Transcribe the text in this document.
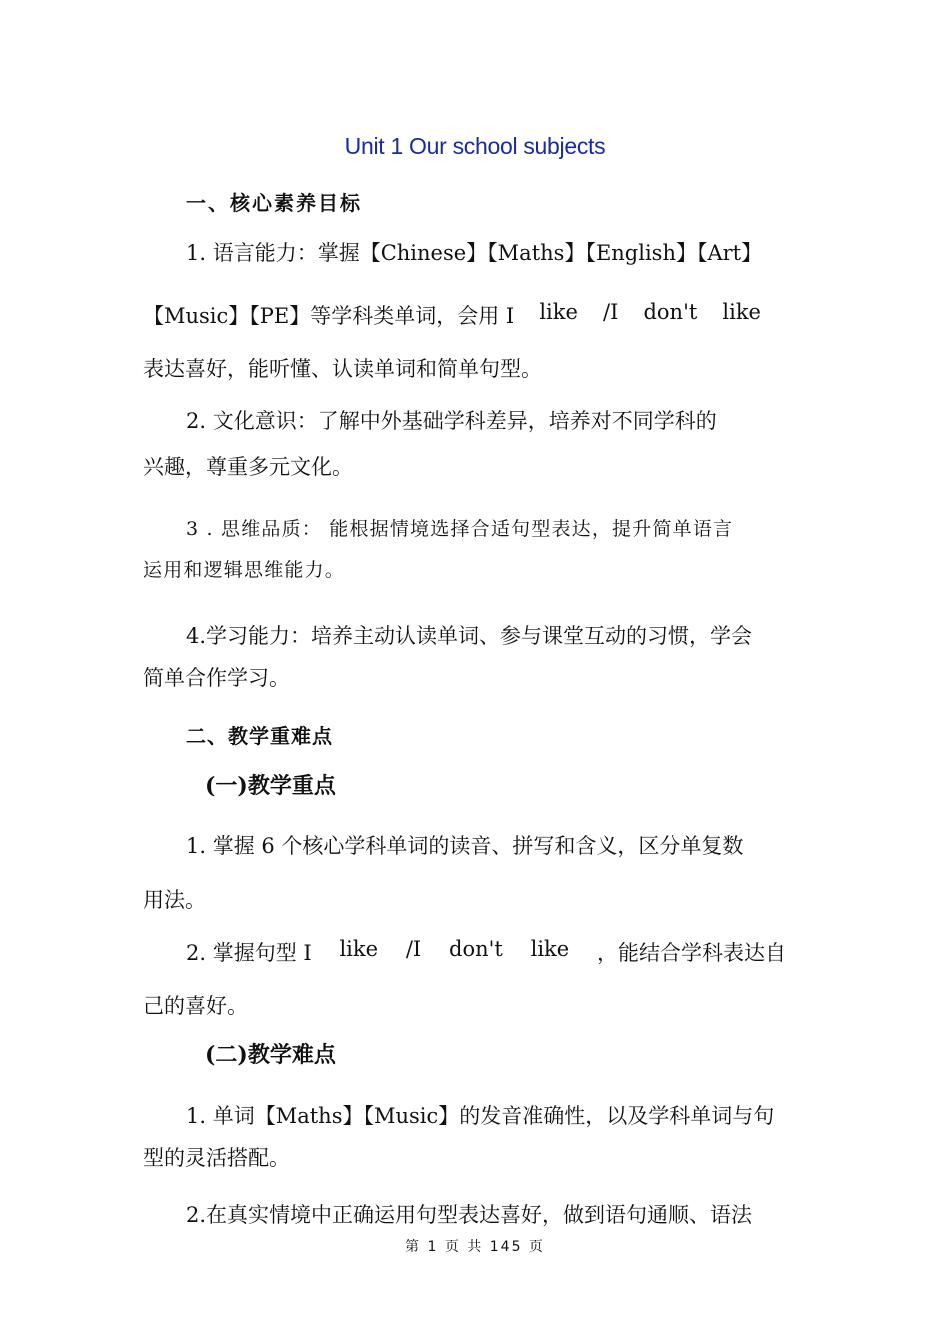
Unit 1 Our school subjects
一、核心素养目标
1. 语言能力：掌握【Chinese】【Maths】【English】【Art】
【Music】【PE】等学科类单词，会用 I like /I don't like
表达喜好，能听懂、认读单词和简单句型。
2. 文化意识：了解中外基础学科差异，培养对不同学科的
兴趣，尊重多元文化。
3 . 思维品质： 能根据情境选择合适句型表达，提升简单语言
运用和逻辑思维能力。
4.学习能力：培养主动认读单词、参与课堂互动的习惯，学会
简单合作学习。
二、教学重难点
(一)教学重点
1. 掌握 6 个核心学科单词的读音、拼写和含义，区分单复数
用法。
2. 掌握句型 I like /I don't like ，能结合学科表达自
己的喜好。
(二)教学难点
1. 单词【Maths】【Music】的发音准确性，以及学科单词与句
型的灵活搭配。
2.在真实情境中正确运用句型表达喜好，做到语句通顺、语法
第 1 页 共 145 页
